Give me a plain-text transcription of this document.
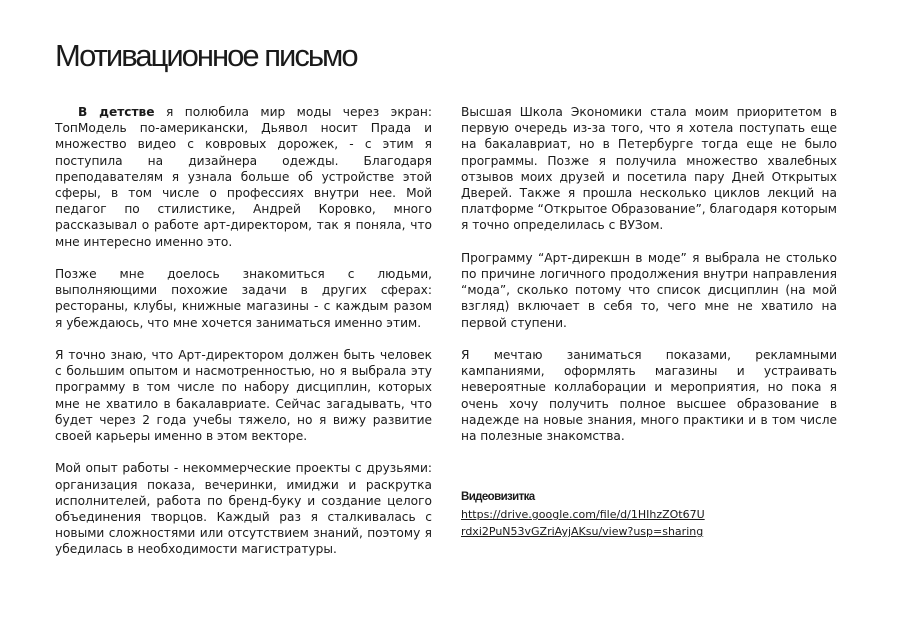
Мотивационное письмо

В детстве я полюбила мир моды через экран: ТопМодель по-американски, Дьявол носит Прада и множество видео с ковровых дорожек, - с этим я поступила на дизайнера одежды. Благодаря преподавателям я узнала больше об устройстве этой сферы, в том числе о профессиях внутри нее. Мой педагог по стилистике, Андрей Коровко, много рассказывал о работе арт-директором, так я поняла, что мне интересно именно это.

Позже мне доелось знакомиться с людьми, выполняющими похожие задачи в других сферах: рестораны, клубы, книжные магазины - с каждым разом я убеждаюсь, что мне хочется заниматься именно этим.

Я точно знаю, что Арт-директором должен быть человек с большим опытом и насмотренностью, но я выбрала эту программу в том числе по набору дисциплин, которых мне не хватило в бакалавриате. Сейчас загадывать, что будет через 2 года учебы тяжело, но я вижу развитие своей карьеры именно в этом векторе.

Мой опыт работы - некоммерческие проекты с друзьями: организация показа, вечеринки, имиджи и раскрутка исполнителей, работа по бренд-буку и создание целого объединения творцов. Каждый раз я сталкивалась с новыми сложностями или отсутствием знаний, поэтому я убедилась в необходимости магистратуры.

Высшая Школа Экономики стала моим приоритетом в первую очередь из-за того, что я хотела поступать еще на бакалавриат, но в Петербурге тогда еще не было программы. Позже я получила множество хвалебных отзывов моих друзей и посетила пару Дней Открытых Дверей. Также я прошла несколько циклов лекций на платформе “Открытое Образование”, благодаря которым я точно определилась с ВУЗом.

Программу “Арт-дирекшн в моде” я выбрала не столько по причине логичного продолжения внутри направления “мода”, сколько потому что список дисциплин (на мой взгляд) включает в себя то, чего мне не хватило на первой ступени.

Я мечтаю заниматься показами, рекламными кампаниями, оформлять магазины и устраивать невероятные коллаборации и мероприятия, но пока я очень хочу получить полное высшее образование в надежде на новые знания, много практики и в том числе на полезные знакомства.

Видеовизитка
https://drive.google.com/file/d/1HIhzZOt67U
rdxi2PuN53vGZriAyjAKsu/view?usp=sharing
